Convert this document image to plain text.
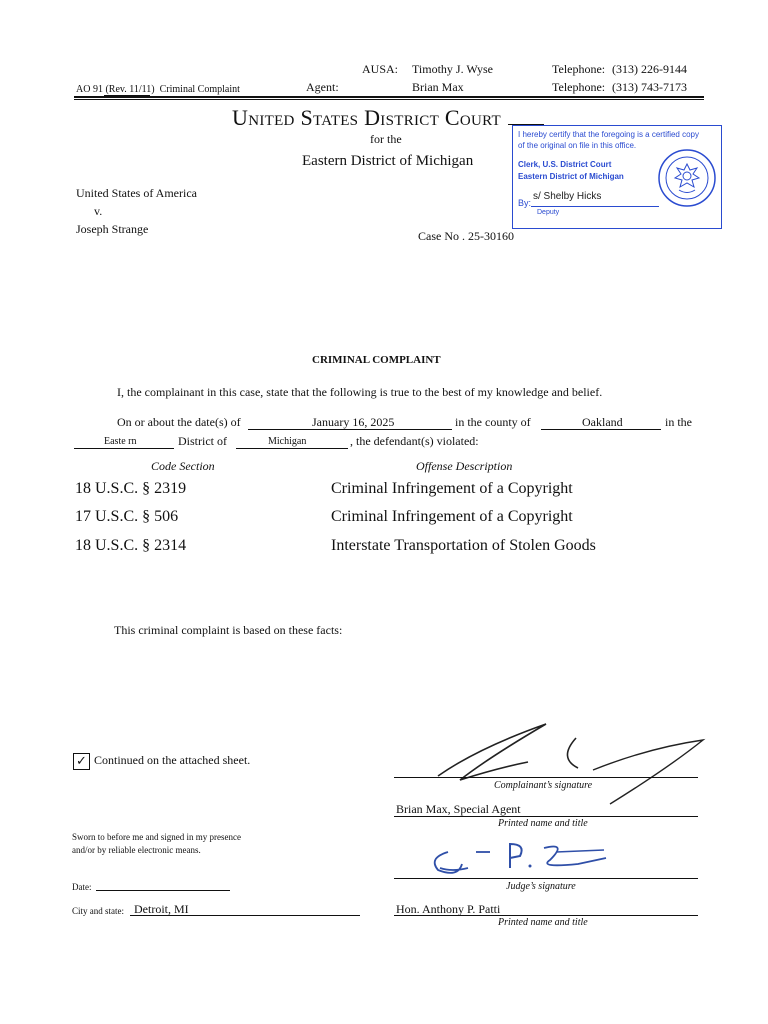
AO 91 (Rev. 11/11) Criminal Complaint
AUSA: Timothy J. Wyse	Telephone: (313) 226-9144
Agent:	Brian Max	Telephone: (313) 743-7173
United States District Court
for the
Eastern District of Michigan
I hereby certify that the foregoing is a certified copy
of the original on file in this office.
Clerk, U.S. District Court
Eastern District of Michigan
By:
s/ Shelby Hicks
Deputy
United States of America
v.
Joseph Strange	Case No . 25-30160
CRIMINAL COMPLAINT
I, the complainant in this case, state that the following is true to the best of my knowledge and belief.
On or about the date(s) of	January 16, 2025	in the county of	Oakland	in the
Easte rn	District of	Michigan	, the defendant(s) violated:
Code Section	Offense Description
18 U.S.C. § 2319	Criminal Infringement of a Copyright
17 U.S.C. § 506	Criminal Infringement of a Copyright
18 U.S.C. § 2314	Interstate Transportation of Stolen Goods
This criminal complaint is based on these facts:
✓ Continued on the attached sheet.
Complainant’s signature
Brian Max, Special Agent
Printed name and title
Sworn to before me and signed in my presence
and/or by reliable electronic means.
Judge’s signature
Date:
City and state: Detroit, MI	Hon. Anthony P. Patti
Printed name and title
